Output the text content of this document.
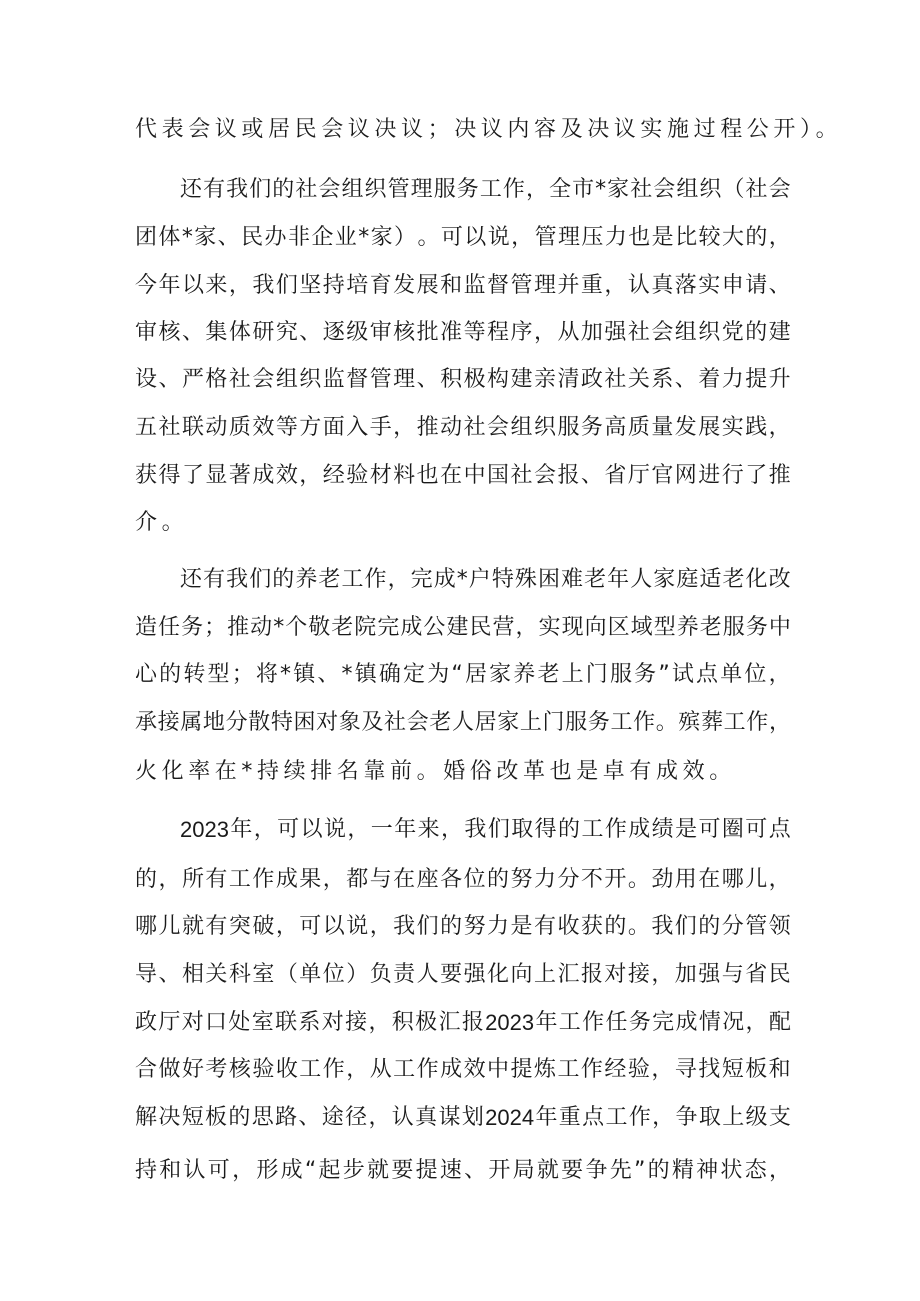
代表会议或居民会议决议；决议内容及决议实施过程公开）。
还 有 我 们 的 社 会 组 织 管 理 服 务 工 作 ， 全 市 * 家 社 会 组 织 （ 社 会
团 体 * 家 、 民 办 非 企 业 * 家 ） 。 可 以 说 ， 管 理 压 力 也 是 比 较 大 的 ，
今 年 以 来 ， 我 们 坚 持 培 育 发 展 和 监 督 管 理 并 重 ， 认 真 落 实 申 请 、
审 核 、 集 体 研 究 、 逐 级 审 核 批 准 等 程 序 ， 从 加 强 社 会 组 织 党 的 建
设 、 严 格 社 会 组 织 监 督 管 理 、 积 极 构 建 亲 清 政 社 关 系 、 着 力 提 升
五 社 联 动 质 效 等 方 面 入 手 ， 推 动 社 会 组 织 服 务 高 质 量 发 展 实 践 ，
获 得 了 显 著 成 效 ， 经 验 材 料 也 在 中 国 社 会 报 、 省 厅 官 网 进 行 了 推
介。
还 有 我 们 的 养 老 工 作 ， 完 成 * 户 特 殊 困 难 老 年 人 家 庭 适 老 化 改
造 任 务 ； 推 动 * 个 敬 老 院 完 成 公 建 民 营 ， 实 现 向 区 域 型 养 老 服 务 中
心 的 转 型 ； 将 * 镇 、 * 镇 确 定 为 “ 居 家 养 老 上 门 服 务 ” 试 点 单 位 ，
承 接 属 地 分 散 特 困 对 象 及 社 会 老 人 居 家 上 门 服 务 工 作 。 殡 葬 工 作 ，
火化率在*持续排名靠前。婚俗改革也是卓有成效。
2023 年 ， 可 以 说 ， 一 年 来 ， 我 们 取 得 的 工 作 成 绩 是 可 圈 可 点
的 ， 所 有 工 作 成 果 ， 都 与 在 座 各 位 的 努 力 分 不 开 。 劲 用 在 哪 儿 ，
哪 儿 就 有 突 破 ， 可 以 说 ， 我 们 的 努 力 是 有 收 获 的 。 我 们 的 分 管 领
导 、 相 关 科 室 （ 单 位 ） 负 责 人 要 强 化 向 上 汇 报 对 接 ， 加 强 与 省 民
政 厅 对 口 处 室 联 系 对 接 ， 积 极 汇 报 2023 年 工 作 任 务 完 成 情 况 ， 配
合 做 好 考 核 验 收 工 作 ， 从 工 作 成 效 中 提 炼 工 作 经 验 ， 寻 找 短 板 和
解 决 短 板 的 思 路 、 途 径 ， 认 真 谋 划 2024 年 重 点 工 作 ， 争 取 上 级 支
持 和 认 可 ， 形 成 “ 起 步 就 要 提 速 、 开 局 就 要 争 先 ” 的 精 神 状 态 ，
